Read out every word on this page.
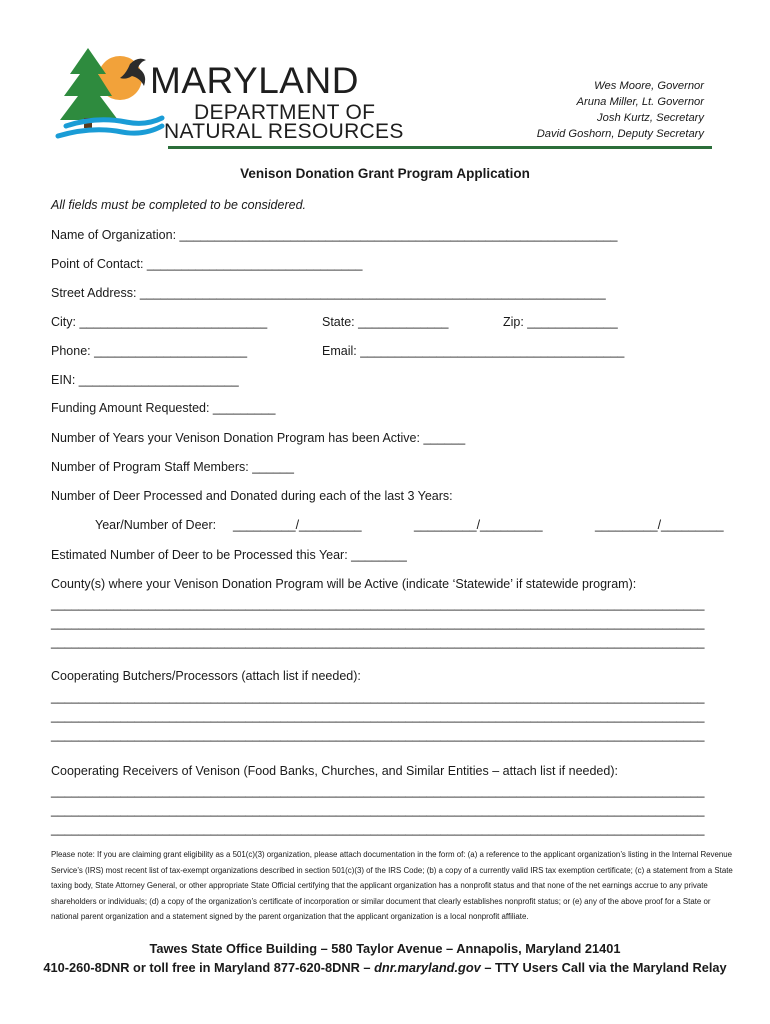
MARYLAND
DEPARTMENT OF
NATURAL RESOURCES
Wes Moore, Governor
Aruna Miller, Lt. Governor
Josh Kurtz, Secretary
David Goshorn, Deputy Secretary
Venison Donation Grant Program Application
All fields must be completed to be considered.
Name of Organization: _______________________________________________________________
Point of Contact: _______________________________
Street Address: ___________________________________________________________________
City: ___________________________	State: _____________	Zip: _____________
Phone: ______________________	Email: ______________________________________
EIN: _______________________
Funding Amount Requested: _________
Number of Years your Venison Donation Program has been Active: ______
Number of Program Staff Members: ______
Number of Deer Processed and Donated during each of the last 3 Years:
Year/Number of Deer: _________/_________	_________/_________	_________/_________
Estimated Number of Deer to be Processed this Year: ________
County(s) where your Venison Donation Program will be Active (indicate ‘Statewide’ if statewide program):
______________________________________________________________________________________________
______________________________________________________________________________________________
______________________________________________________________________________________________
Cooperating Butchers/Processors (attach list if needed):
______________________________________________________________________________________________
______________________________________________________________________________________________
______________________________________________________________________________________________
Cooperating Receivers of Venison (Food Banks, Churches, and Similar Entities – attach list if needed):
______________________________________________________________________________________________
______________________________________________________________________________________________
______________________________________________________________________________________________
Please note: If you are claiming grant eligibility as a 501(c)(3) organization, please attach documentation in the form of: (a) a reference to the applicant organization’s listing in the Internal Revenue Service’s (IRS) most recent list of tax-exempt organizations described in section 501(c)(3) of the IRS Code; (b) a copy of a currently valid IRS tax exemption certificate; (c) a statement from a State taxing body, State Attorney General, or other appropriate State Official certifying that the applicant organization has a nonprofit status and that none of the net earnings accrue to any private shareholders or individuals; (d) a copy of the organization’s certificate of incorporation or similar document that clearly establishes nonprofit status; or (e) any of the above proof for a State or national parent organization and a statement signed by the parent organization that the applicant organization is a local nonprofit affiliate.
Tawes State Office Building – 580 Taylor Avenue – Annapolis, Maryland 21401
410-260-8DNR or toll free in Maryland 877-620-8DNR – dnr.maryland.gov – TTY Users Call via the Maryland Relay
